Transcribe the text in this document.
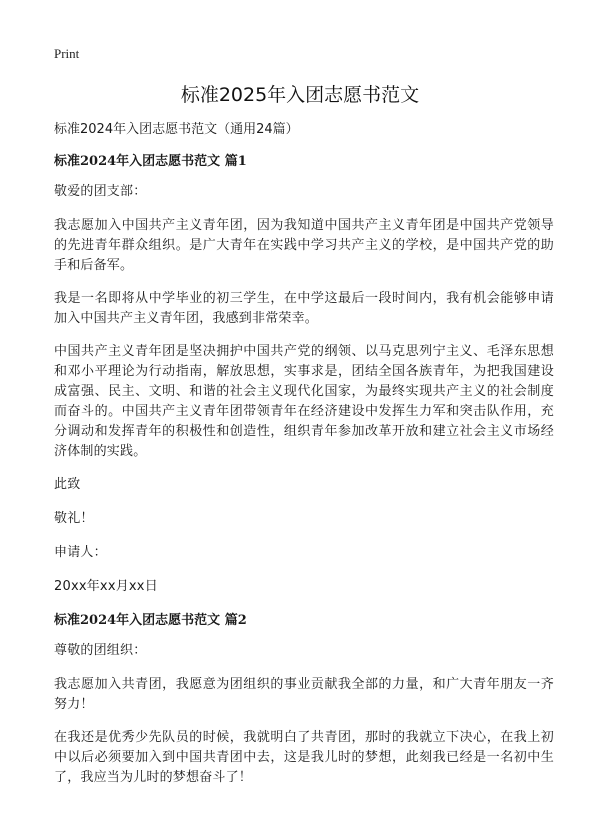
Print
标准2025年入团志愿书范文

标准2024年入团志愿书范文（通用24篇）

标准2024年入团志愿书范文 篇1

敬爱的团支部：

我志愿加入中国共产主义青年团，因为我知道中国共产主义青年团是中国共产党领导的先进青年群众组织。是广大青年在实践中学习共产主义的学校，是中国共产党的助手和后备军。

我是一名即将从中学毕业的初三学生，在中学这最后一段时间内，我有机会能够申请加入中国共产主义青年团，我感到非常荣幸。

中国共产主义青年团是坚决拥护中国共产党的纲领、以马克思列宁主义、毛泽东思想和邓小平理论为行动指南，解放思想，实事求是，团结全国各族青年，为把我国建设成富强、民主、文明、和谐的社会主义现代化国家，为最终实现共产主义的社会制度而奋斗的。中国共产主义青年团带领青年在经济建设中发挥生力军和突击队作用，充分调动和发挥青年的积极性和创造性，组织青年参加改革开放和建立社会主义市场经济体制的实践。

此致

敬礼！

申请人：

20xx年xx月xx日

标准2024年入团志愿书范文 篇2

尊敬的团组织：

我志愿加入共青团，我愿意为团组织的事业贡献我全部的力量，和广大青年朋友一齐努力！

在我还是优秀少先队员的时候，我就明白了共青团，那时的我就立下决心，在我上初中以后必须要加入到中国共青团中去，这是我儿时的梦想，此刻我已经是一名初中生了，我应当为儿时的梦想奋斗了！
